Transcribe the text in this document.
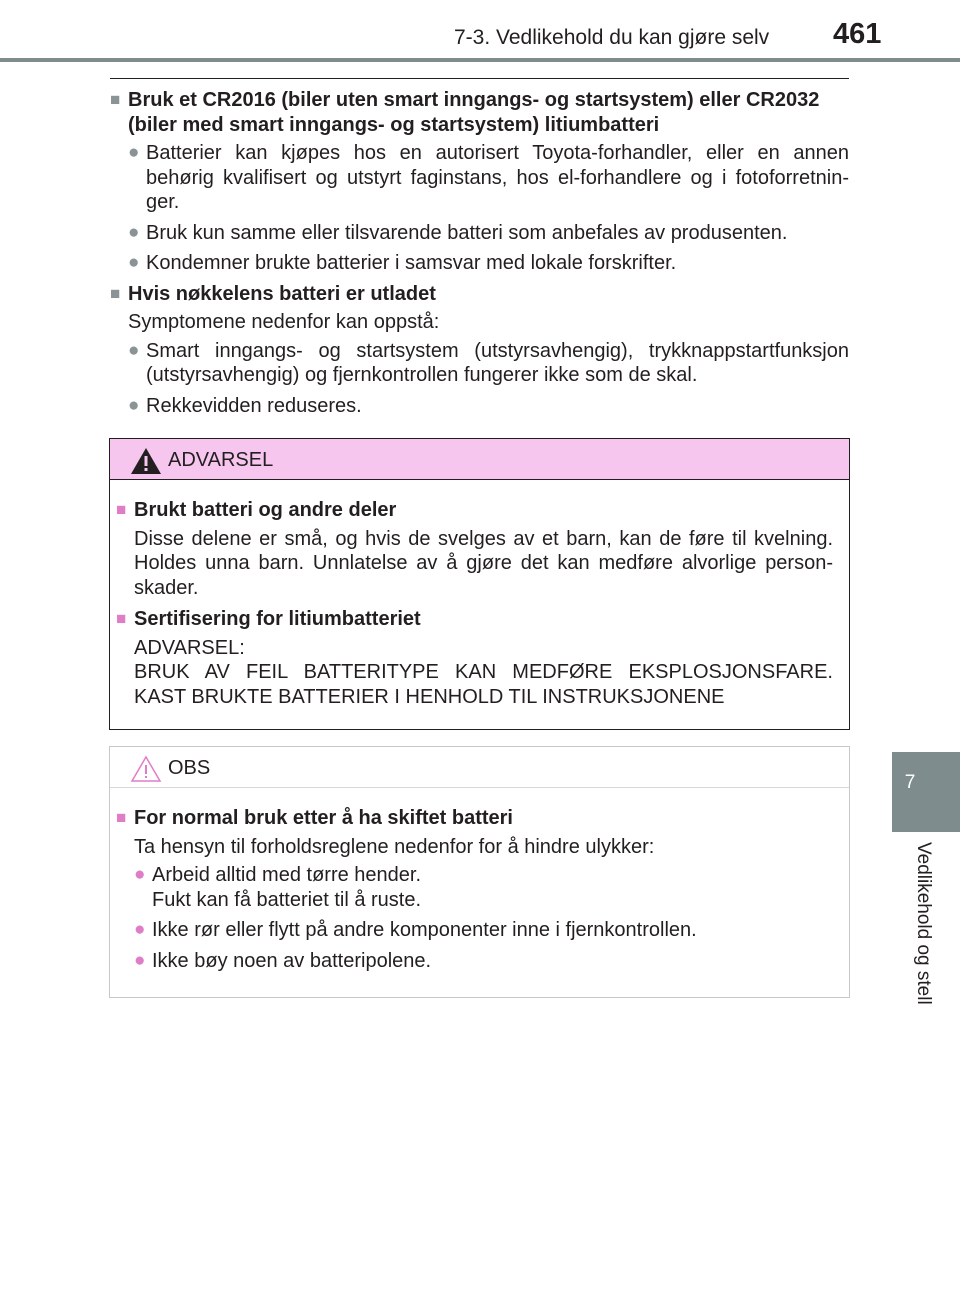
7-3. Vedlikehold du kan gjøre selv 461
7
Vedlikehold og stell
■ Bruk et CR2016 (biler uten smart inngangs- og startsystem) eller CR2032
(biler med smart inngangs- og startsystem) litiumbatteri
● Batterier kan kjøpes hos en autorisert Toyota-forhandler, eller en annen behørig kvalifisert og utstyrt faginstans, hos el-forhandlere og i fotoforretnin-ger.
● Bruk kun samme eller tilsvarende batteri som anbefales av produsenten.
● Kondemner brukte batterier i samsvar med lokale forskrifter.
■ Hvis nøkkelens batteri er utladet
Symptomene nedenfor kan oppstå:
● Smart inngangs- og startsystem (utstyrsavhengig), trykknappstartfunksjon (utstyrsavhengig) og fjernkontrollen fungerer ikke som de skal.
● Rekkevidden reduseres.
ADVARSEL
■ Brukt batteri og andre deler
Disse delene er små, og hvis de svelges av et barn, kan de føre til kvelning. Holdes unna barn. Unnlatelse av å gjøre det kan medføre alvorlige person-skader.
■ Sertifisering for litiumbatteriet
ADVARSEL:

BRUK AV FEIL BATTERITYPE KAN MEDFØRE EKSPLOSJONSFARE.
KAST BRUKTE BATTERIER I HENHOLD TIL INSTRUKSJONENE
OBS
■ For normal bruk etter å ha skiftet batteri
Ta hensyn til forholdsreglene nedenfor for å hindre ulykker:
● Arbeid alltid med tørre hender.
Fukt kan få batteriet til å ruste.
● Ikke rør eller flytt på andre komponenter inne i fjernkontrollen.
● Ikke bøy noen av batteripolene.
